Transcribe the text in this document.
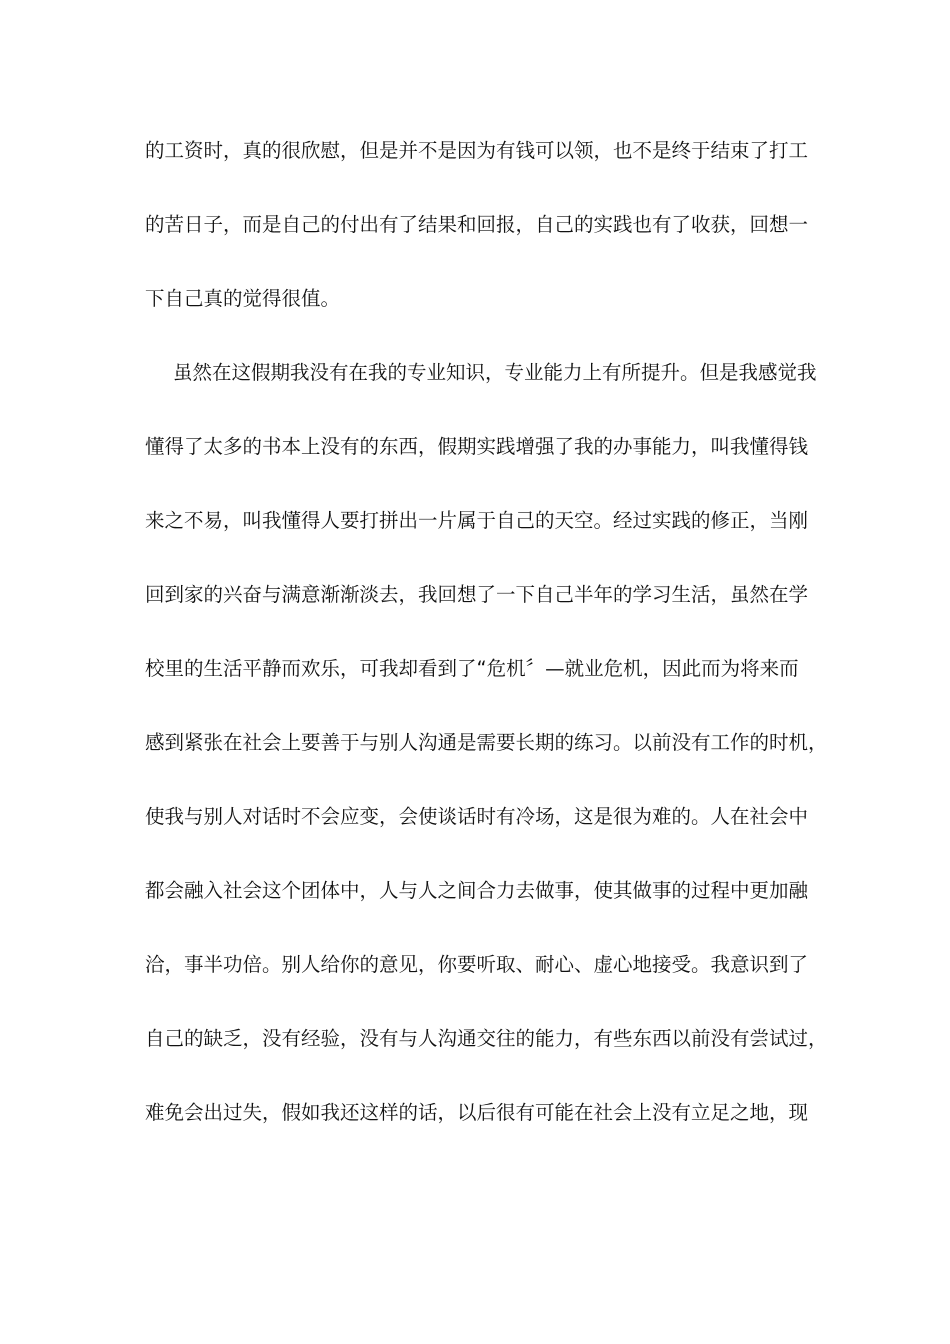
的工资时，真的很欣慰，但是并不是因为有钱可以领，也不是终于结束了打工
的苦日子，而是自己的付出有了结果和回报，自己的实践也有了收获，回想一
下自己真的觉得很值。
虽然在这假期我没有在我的专业知识，专业能力上有所提升。但是我感觉我
懂得了太多的书本上没有的东西，假期实践增强了我的办事能力，叫我懂得钱
来之不易，叫我懂得人要打拼出一片属于自己的天空。经过实践的修正，当刚
回到家的兴奋与满意渐渐淡去，我回想了一下自己半年的学习生活，虽然在学
校里的生活平静而欢乐，可我却看到了“危机〞—就业危机，因此而为将来而
感到紧张在社会上要善于与别人沟通是需要长期的练习。以前没有工作的时机，
使我与别人对话时不会应变，会使谈话时有冷场，这是很为难的。人在社会中
都会融入社会这个团体中，人与人之间合力去做事，使其做事的过程中更加融
洽，事半功倍。别人给你的意见，你要听取、耐心、虚心地接受。我意识到了
自己的缺乏，没有经验，没有与人沟通交往的能力，有些东西以前没有尝试过，
难免会出过失，假如我还这样的话，以后很有可能在社会上没有立足之地，现
